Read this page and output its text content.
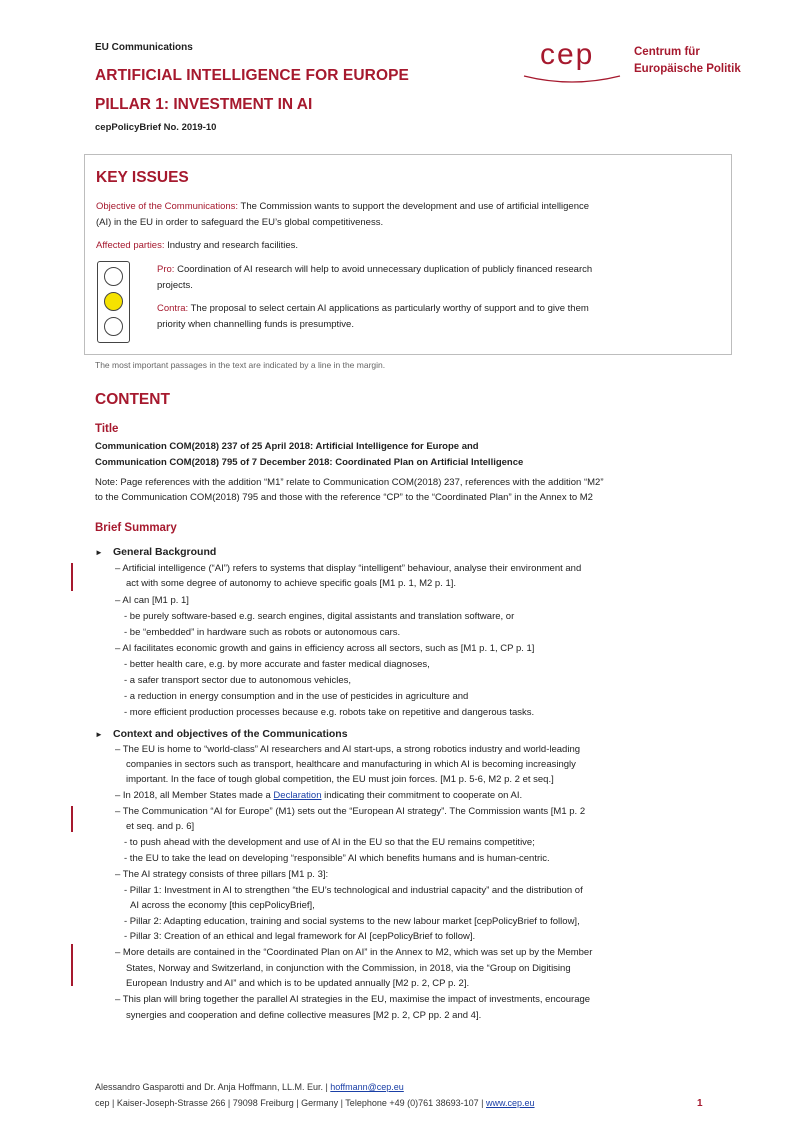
EU Communications
ARTIFICIAL INTELLIGENCE FOR EUROPE
PILLAR 1: INVESTMENT IN AI
cepPolicyBrief No. 2019-10
cep	Centrum für
Europäische Politik
KEY ISSUES
Objective of the Communications: The Commission wants to support the development and use of artificial intelligence
(AI) in the EU in order to safeguard the EU’s global competitiveness.
Affected parties: Industry and research facilities.
Pro: Coordination of AI research will help to avoid unnecessary duplication of publicly financed research
projects.
Contra: The proposal to select certain AI applications as particularly worthy of support and to give them
priority when channelling funds is presumptive.
The most important passages in the text are indicated by a line in the margin.
CONTENT
Title
Communication COM(2018) 237 of 25 April 2018: Artificial Intelligence for Europe and
Communication COM(2018) 795 of 7 December 2018: Coordinated Plan on Artificial Intelligence
Note: Page references with the addition “M1” relate to Communication COM(2018) 237, references with the addition “M2”
to the Communication COM(2018) 795 and those with the reference “CP” to the “Coordinated Plan” in the Annex to M2
Brief Summary
► General Background
– Artificial intelligence (“AI”) refers to systems that display “intelligent” behaviour, analyse their environment and
act with some degree of autonomy to achieve specific goals [M1 p. 1, M2 p. 1].
– AI can [M1 p. 1]
- be purely software-based e.g. search engines, digital assistants and translation software, or
- be “embedded” in hardware such as robots or autonomous cars.
– AI facilitates economic growth and gains in efficiency across all sectors, such as [M1 p. 1, CP p. 1]
- better health care, e.g. by more accurate and faster medical diagnoses,
- a safer transport sector due to autonomous vehicles,
- a reduction in energy consumption and in the use of pesticides in agriculture and
- more efficient production processes because e.g. robots take on repetitive and dangerous tasks.
► Context and objectives of the Communications
– The EU is home to “world-class” AI researchers and AI start-ups, a strong robotics industry and world-leading
companies in sectors such as transport, healthcare and manufacturing in which AI is becoming increasingly
important. In the face of tough global competition, the EU must join forces. [M1 p. 5-6, M2 p. 2 et seq.]
– In 2018, all Member States made a Declaration indicating their commitment to cooperate on AI.
– The Communication “AI for Europe” (M1) sets out the “European AI strategy”. The Commission wants [M1 p. 2
et seq. and p. 6]
- to push ahead with the development and use of AI in the EU so that the EU remains competitive;
- the EU to take the lead on developing “responsible” AI which benefits humans and is human-centric.
– The AI strategy consists of three pillars [M1 p. 3]:
- Pillar 1: Investment in AI to strengthen “the EU’s technological and industrial capacity” and the distribution of
AI across the economy [this cepPolicyBrief],
- Pillar 2: Adapting education, training and social systems to the new labour market [cepPolicyBrief to follow],
- Pillar 3: Creation of an ethical and legal framework for AI [cepPolicyBrief to follow].
– More details are contained in the “Coordinated Plan on AI” in the Annex to M2, which was set up by the Member
States, Norway and Switzerland, in conjunction with the Commission, in 2018, via the “Group on Digitising
European Industry and AI” and which is to be updated annually [M2 p. 2, CP p. 2].
– This plan will bring together the parallel AI strategies in the EU, maximise the impact of investments, encourage
synergies and cooperation and define collective measures [M2 p. 2, CP pp. 2 and 4].
Alessandro Gasparotti and Dr. Anja Hoffmann, LL.M. Eur. | hoffmann@cep.eu
cep | Kaiser-Joseph-Strasse 266 | 79098 Freiburg | Germany | Telephone +49 (0)761 38693-107 | www.cep.eu	1
